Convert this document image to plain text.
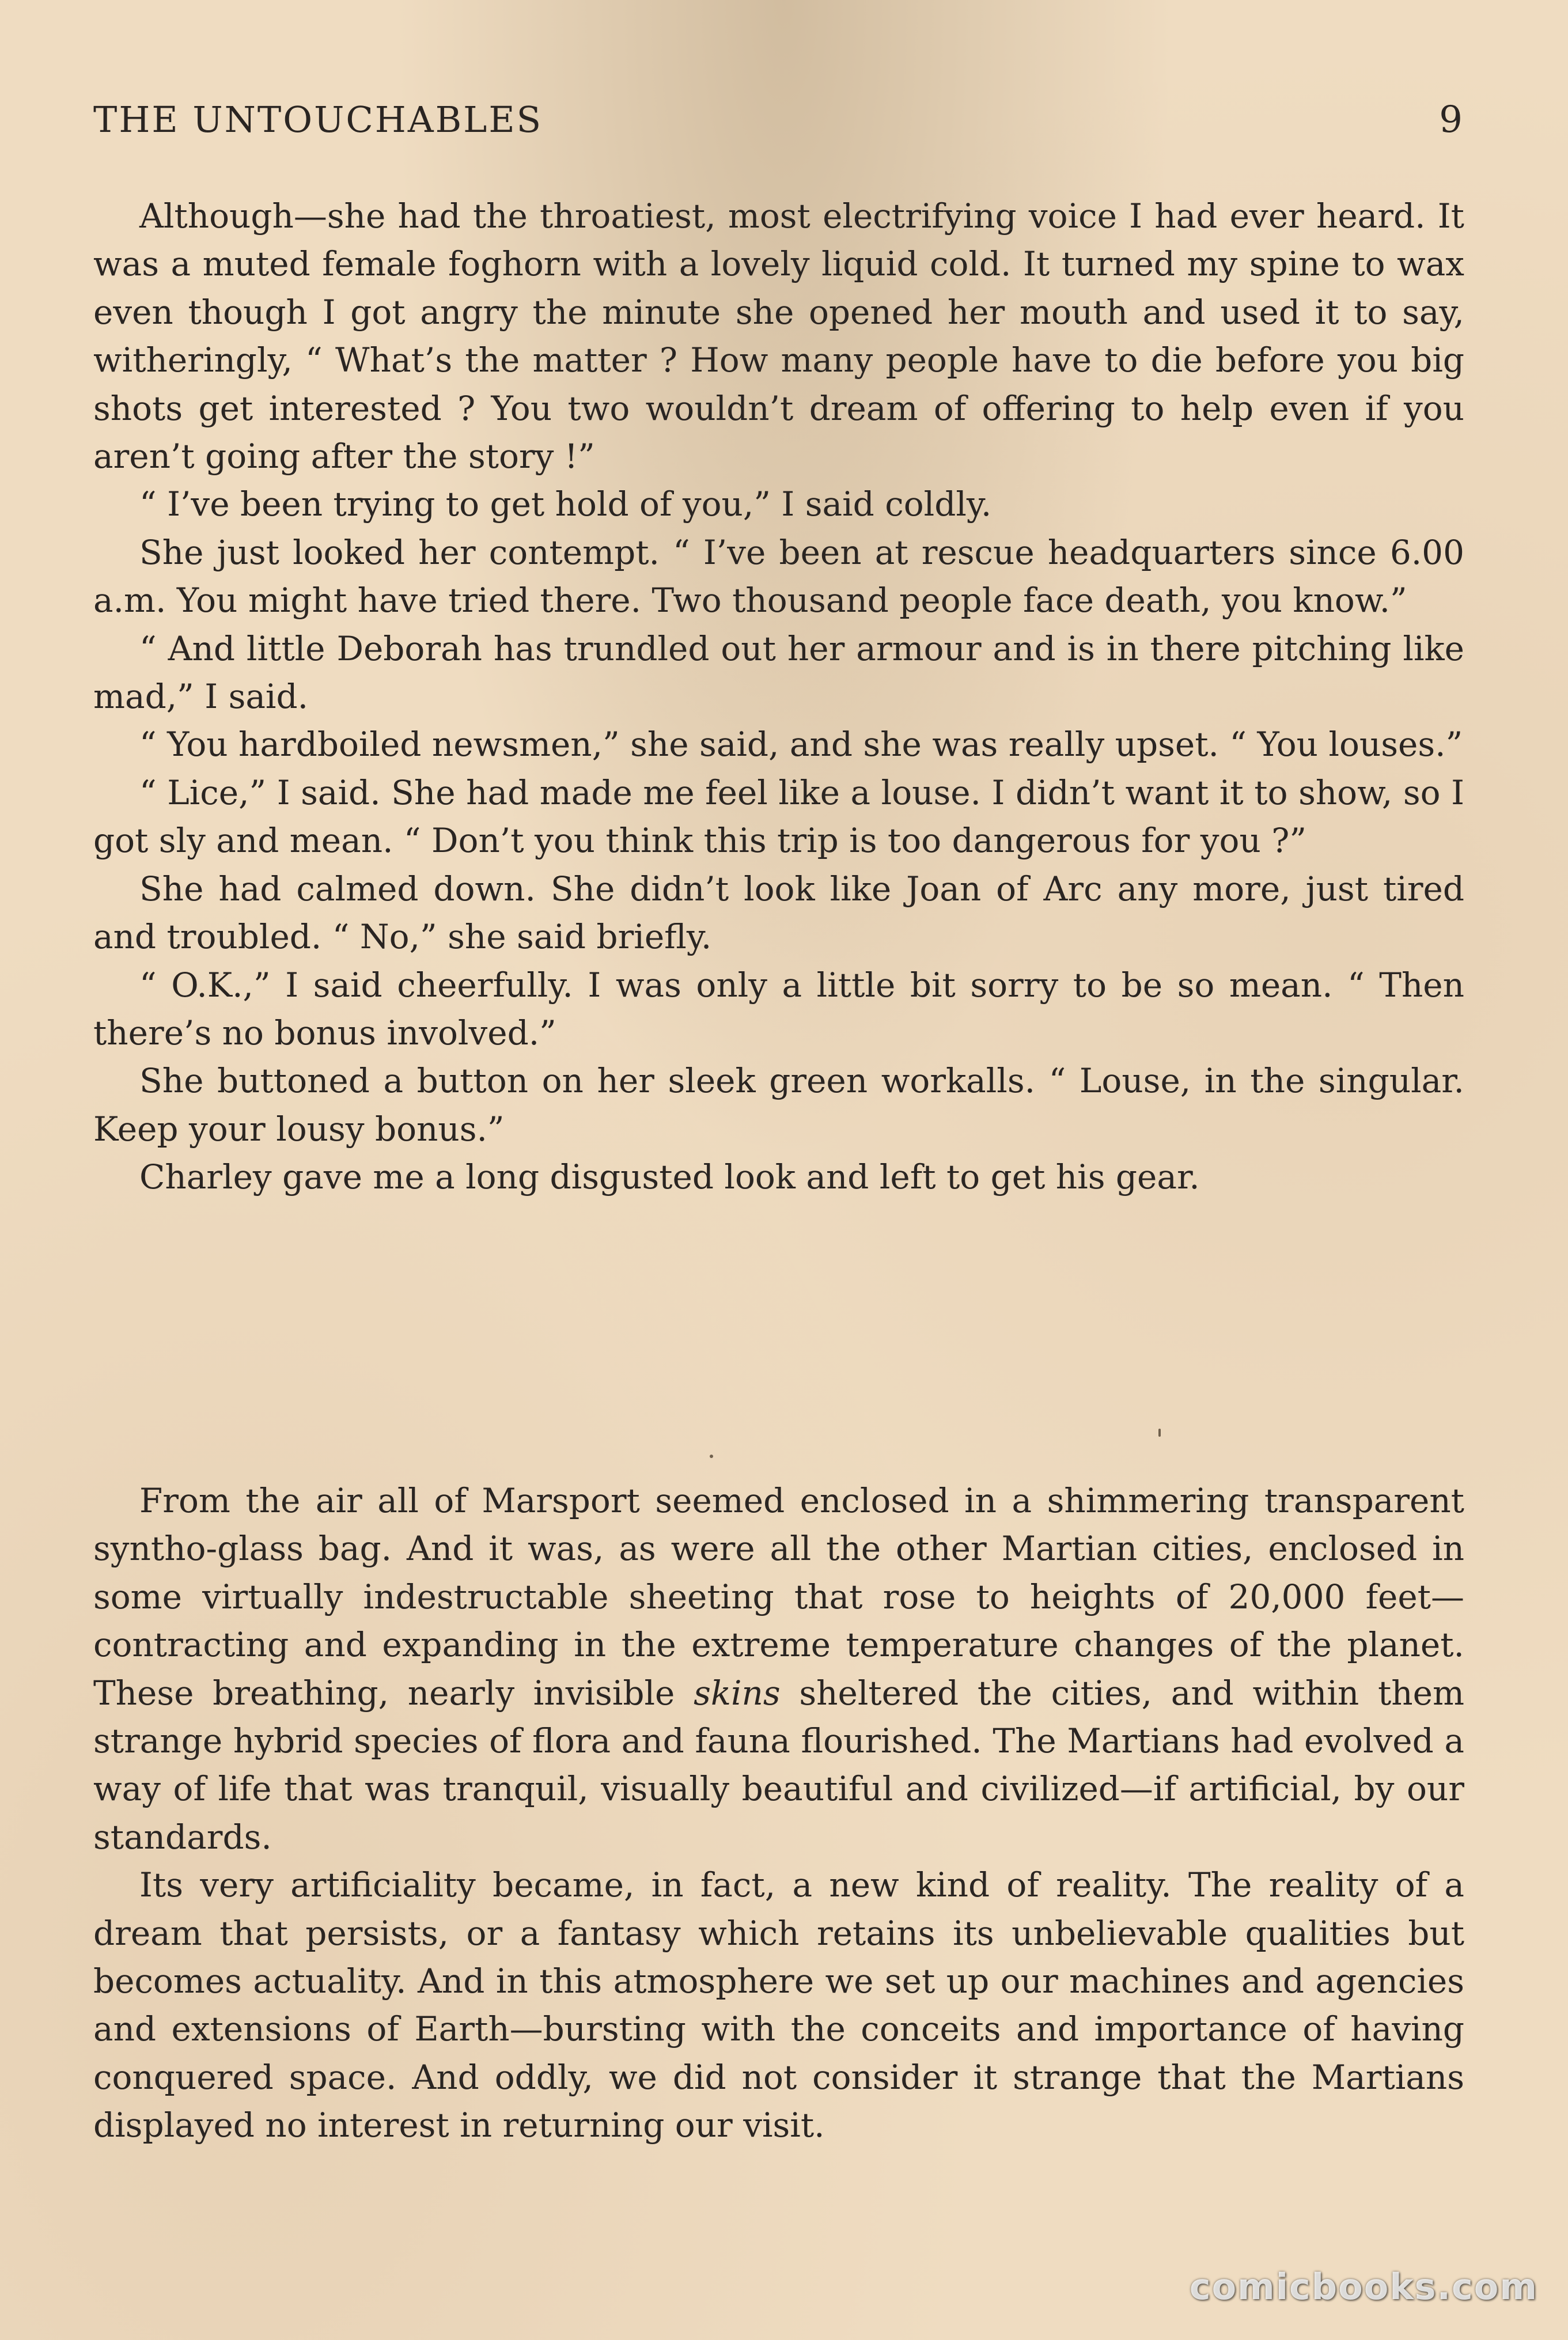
THE UNTOUCHABLES	9

Although—she had the throatiest, most electrifying voice I had ever heard. It was a muted female foghorn with a lovely liquid cold. It turned my spine to wax even though I got angry the minute she opened her mouth and used it to say, witheringly, “ What’s the matter ? How many people have to die before you big shots get interested ? You two wouldn’t dream of offering to help even if you aren’t going after the story !”

“ I’ve been trying to get hold of you,” I said coldly.

She just looked her contempt. “ I’ve been at rescue headquarters since 6.00 a.m. You might have tried there. Two thousand people face death, you know.”

“ And little Deborah has trundled out her armour and is in there pitching like mad,” I said.

“ You hardboiled newsmen,” she said, and she was really upset. “ You louses.”

“ Lice,” I said. She had made me feel like a louse. I didn’t want it to show, so I got sly and mean. “ Don’t you think this trip is too dangerous for you ?”

She had calmed down. She didn’t look like Joan of Arc any more, just tired and troubled. “ No,” she said briefly.

“ O.K.,” I said cheerfully. I was only a little bit sorry to be so mean. “ Then there’s no bonus involved.”

She buttoned a button on her sleek green workalls. “ Louse, in the singular. Keep your lousy bonus.”

Charley gave me a long disgusted look and left to get his gear.

From the air all of Marsport seemed enclosed in a shimmering transparent syntho-glass bag. And it was, as were all the other Martian cities, enclosed in some virtually indestructable sheeting that rose to heights of 20,000 feet—contracting and expanding in the extreme temperature changes of the planet. These breathing, nearly invisible skins sheltered the cities, and within them strange hybrid species of flora and fauna flourished. The Martians had evolved a way of life that was tranquil, visually beautiful and civilized—if artificial, by our standards.

Its very artificiality became, in fact, a new kind of reality. The reality of a dream that persists, or a fantasy which retains its unbelievable qualities but becomes actuality. And in this atmosphere we set up our machines and agencies and extensions of Earth—bursting with the conceits and importance of having conquered space. And oddly, we did not consider it strange that the Martians displayed no interest in returning our visit.

comicbooks.com
